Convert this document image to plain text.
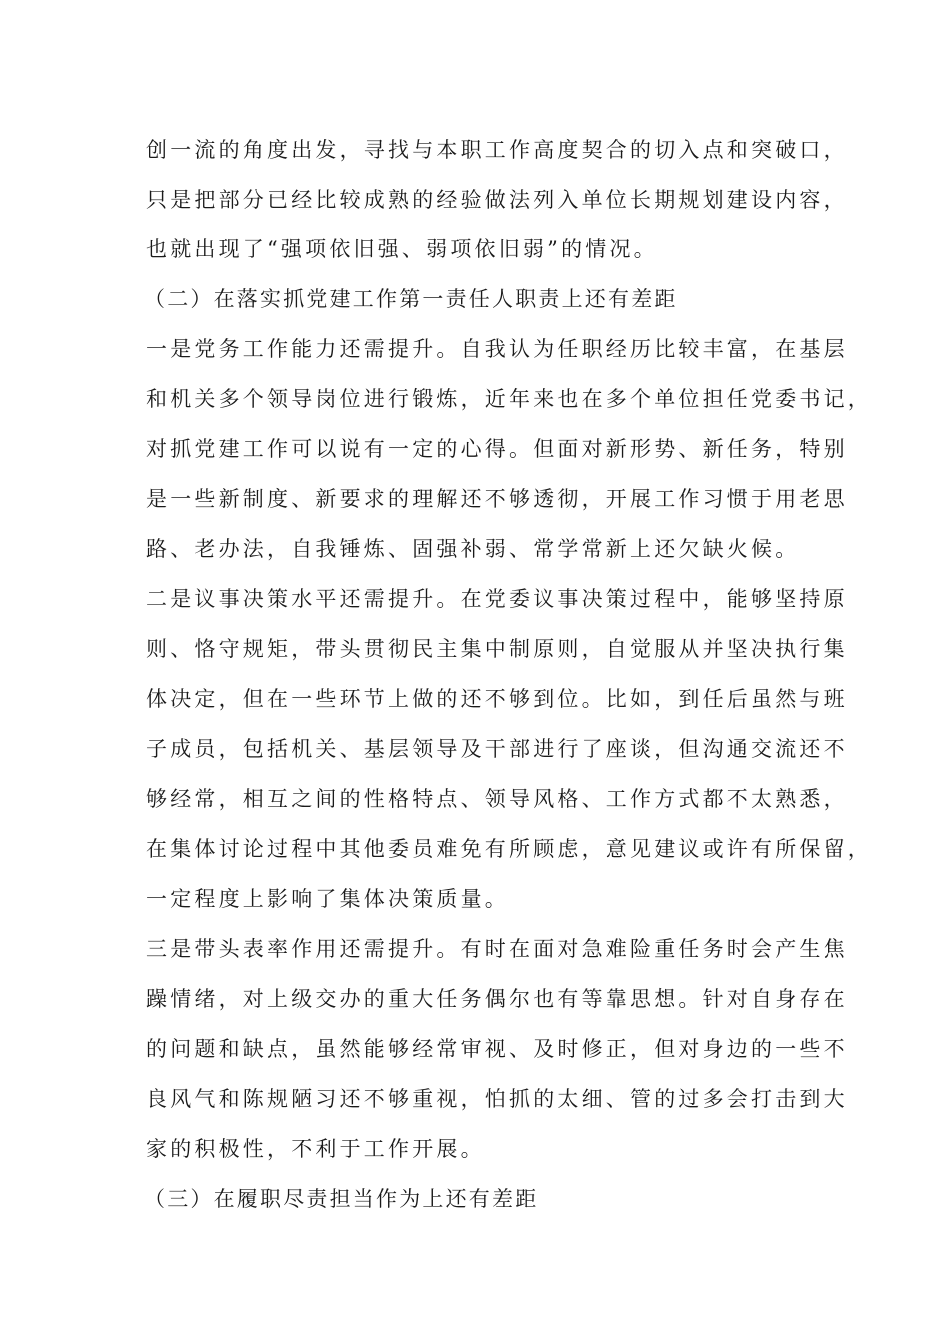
创一流的角度出发，寻找与本职工作高度契合的切入点和突破口，

只是把部分已经比较成熟的经验做法列入单位长期规划建设内容，

也就出现了“强项依旧强、弱项依旧弱”的情况。

（二）在落实抓党建工作第一责任人职责上还有差距

一是党务工作能力还需提升。自我认为任职经历比较丰富，在基层

和机关多个领导岗位进行锻炼，近年来也在多个单位担任党委书记，

对抓党建工作可以说有一定的心得。但面对新形势、新任务，特别

是一些新制度、新要求的理解还不够透彻，开展工作习惯于用老思

路、老办法，自我锤炼、固强补弱、常学常新上还欠缺火候。

二是议事决策水平还需提升。在党委议事决策过程中，能够坚持原

则、恪守规矩，带头贯彻民主集中制原则，自觉服从并坚决执行集

体决定，但在一些环节上做的还不够到位。比如，到任后虽然与班

子成员，包括机关、基层领导及干部进行了座谈，但沟通交流还不

够经常，相互之间的性格特点、领导风格、工作方式都不太熟悉，

在集体讨论过程中其他委员难免有所顾虑，意见建议或许有所保留，

一定程度上影响了集体决策质量。

三是带头表率作用还需提升。有时在面对急难险重任务时会产生焦

躁情绪，对上级交办的重大任务偶尔也有等靠思想。针对自身存在

的问题和缺点，虽然能够经常审视、及时修正，但对身边的一些不

良风气和陈规陋习还不够重视，怕抓的太细、管的过多会打击到大

家的积极性，不利于工作开展。

（三）在履职尽责担当作为上还有差距
